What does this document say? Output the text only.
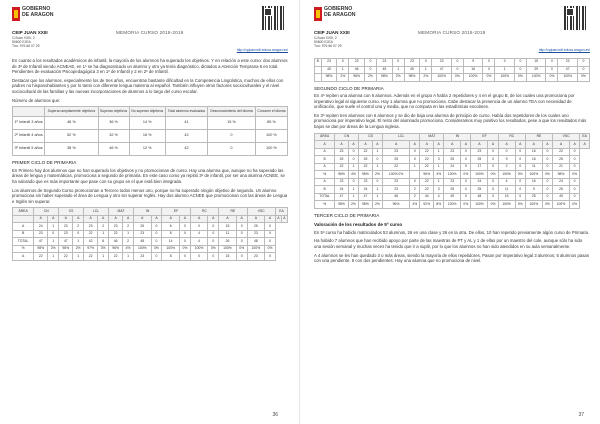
GOBIERNO
DE ARAGON
CEIP JUAN XXIII
C/Juan XXIII, 2
50600 EJEA
Tno: 976 66 07 29
MEMORIA CURSO 2018-2019
http://cpjuanxxiii.educa.aragon.es/

En cuanto a los resultados académicos de infantil, la mayoría de los alumnos ha superado los objetivos. Y en relación a este curso: dos alumnos de 3º de Infantil siendo ACNEAE, en 1º se ha diagnosticado un alumno y otro ya tenía diagnóstico, dictados a Atención Temprana 6 en total. Pendientes de evaluación Psicopedagógica 3 en 1º de Infantil y 2 en 2º de Infantil.

Destacar que los alumnos, especialmente los de tres años, encuentran bastante dificultad en la Competencia Lingüística, muchos de ellos con padres no hispanohablantes y por lo tanto con diferente lengua materna al español. También influyen otros factores socioculturales y el nivel sociocultural de las familias y las nuevas incorporaciones de alumnos a lo largo del curso escolar.

Número de alumnos que:

	Superan ampliamente objetivos	Superan objetivos	No superan objetivos	Total alumnos evaluados	Desconocimiento del idioma	Conocen el idioma
1º Infantil 3 años	46 %	36 %	14 %	41	15 %	85 %
2º Infantil 4 años	52 %	32 %	16 %	42	0	100 %
3º Infantil 5 años	38 %	46 %	12 %	42	0	100 %
PRIMER CICLO DE PRIMARIA

En Primero hay dos alumnos que no han superado los objetivos y no promocionan de curso. Hay una alumna que, aunque no ha superado las áreas de lengua y matemáticas, promociona a segundo de primaria. En este caso como ya repitió 3º de infantil, por ser una alumna ACNEE, se ha valorado que es más importante que pase con su grupo en el que está bien integrada.

Los alumnos de Segundo Curso promocionan a Tercero todos menos uno, porque no ha superado ningún objetivo de segundo. Un alumno promociona sin haber superado el área de Lengua y otro sin superar Inglés. Hay dos alumno ACNEE que promocionan con las áreas de Lengua e Inglés sin superar.

ÁREA	CN		CS		LCL		MAT		IN		EF		RC		RE		VSC		EA	
	A	A	A	A	A	A	A	A	A	A	A	A	A	A	A	A	A	A	A	A
A	24	1	23	2	23	2	23	2	25	0	6	0	0	0	15	0	25	0		
B	23	0	23	0	22	1	22	1	23	0	8	0	4	0	11	0	23	0		
TOTAL	47	1	47	1	42	6	46	2	48	0	14	0	4	0	26	0	48	0		
%	98%	2%	98%	2%	97%	3%	96%	4%	100%	0%	100%	0%	100%	0%	100%	0%	100%	0%		
A	22	1	22	1	22	1	22	1	23	0	8	0	0	0	15	0	23	0		
36
GOBIERNO
DE ARAGON
CEIP JUAN XXIII
C/Juan XXIII, 2
50600 EJEA
Tno: 976 66 07 29
MEMORIA CURSO 2018-2019
http://cpjuanxxiii.educa.aragon.es/
B	23	0	23	0	23	0	23	0	23	0	9	0	0	0	15	0	23	0
	45	1	46	0	45	1	45	1	47	0	16	0	1	0	29	0	47	0
	98%	2%	98%	2%	98%	2%	98%	2%	100%	0%	100%	0%	100%	0%	100%	0%	100%	0%
SEGUNDO CICLO DE PRIMARIA

En 4º repiten una alumna con 6 alumnos. Además en el grupo A había 2 repetidores y 4 en el grupo B, de los cuales una promociona por imperativo legal al siguiente curso. Hay 1 alumna que no promociona. Cabe destacar la presencia de un alumno TEA con necesidad de unificación, que suele el control una y media, que no computa en las estadísticas escolares.

En 3º repiten tres alumnos con 6 alumnos y se dio de baja una alumna de principio de curso. Había dos repetidores de los cuales uno promociona por imperativo legal. El resto del alumnado promociona. Consideramos muy positivo los resultados, pese a que los resultados más bajos se dan por áreas de la Lengua inglesa.

ÁREA	CN		CS		LCL		MAT		IN		EF		RC		RE		VSC		EA
A	A	A	A	A	A	A	A	A	A	A	A	A	A	A	A	A	A	A	A
A	23	0	22	1	23	0	22	1	23	0	23	0	0	0	16	0	22	0	
B	25	0	25	0	25	0	22	3	25	0	25	0	9	0	16	0	25	0	
A	22	1	22	1	22	1	22	1	24	0	17	0	2	0	11	0	21	0	
%	96%	4%	98%	2%	100% 0%		96%	4%	100%	0%	100%	0%	100%	0%	100%	0%	98%	0%	
A	23	0	23	0	23	0	22	1	23	0	24	0	4	0	16	0	24	0	
B	24	1	24	1	23	2	22	3	25	0	25	0	11	0	9	0	25	0	
TOTAL	47	1	47	1	46	2	44	4	49	0	48	0	15	0	25	0	49	0	
%	98%	2%	98%	2%	96%	4%	92%	8%	100%	0%	100%	0%	100%	0%	100%	0%	100%	0%	
TERCER CICLO DE PRIMARIA
Valoración de los resultados de 5º curso

En 5º curso ha habido matriculados 53 alumnos, 26 en una clase y 26 en la otra. De ellos, 10 han repetido previamente algún curso de Primaria.

Ha habido 7 alumnos que han recibido apoyo por parte de las maestras de PT y AL y 1 de ellas por un maestro del cole, aunque sólo ha sido una sesión semanal y muchas veces ha tenido que ir a suplir, por lo que los alumnos no han sido atendidos en su aula semanalmente.

A 4 alumnos se les han quedado 3 o más áreas, siendo la mayoría de ellos repetidores. Pasan por imperativo legal 3 alumnos; 5 alumnos pasan con una pendiente. 8 con dos pendientes. Hay una alumna que no promociona de nivel.

37
